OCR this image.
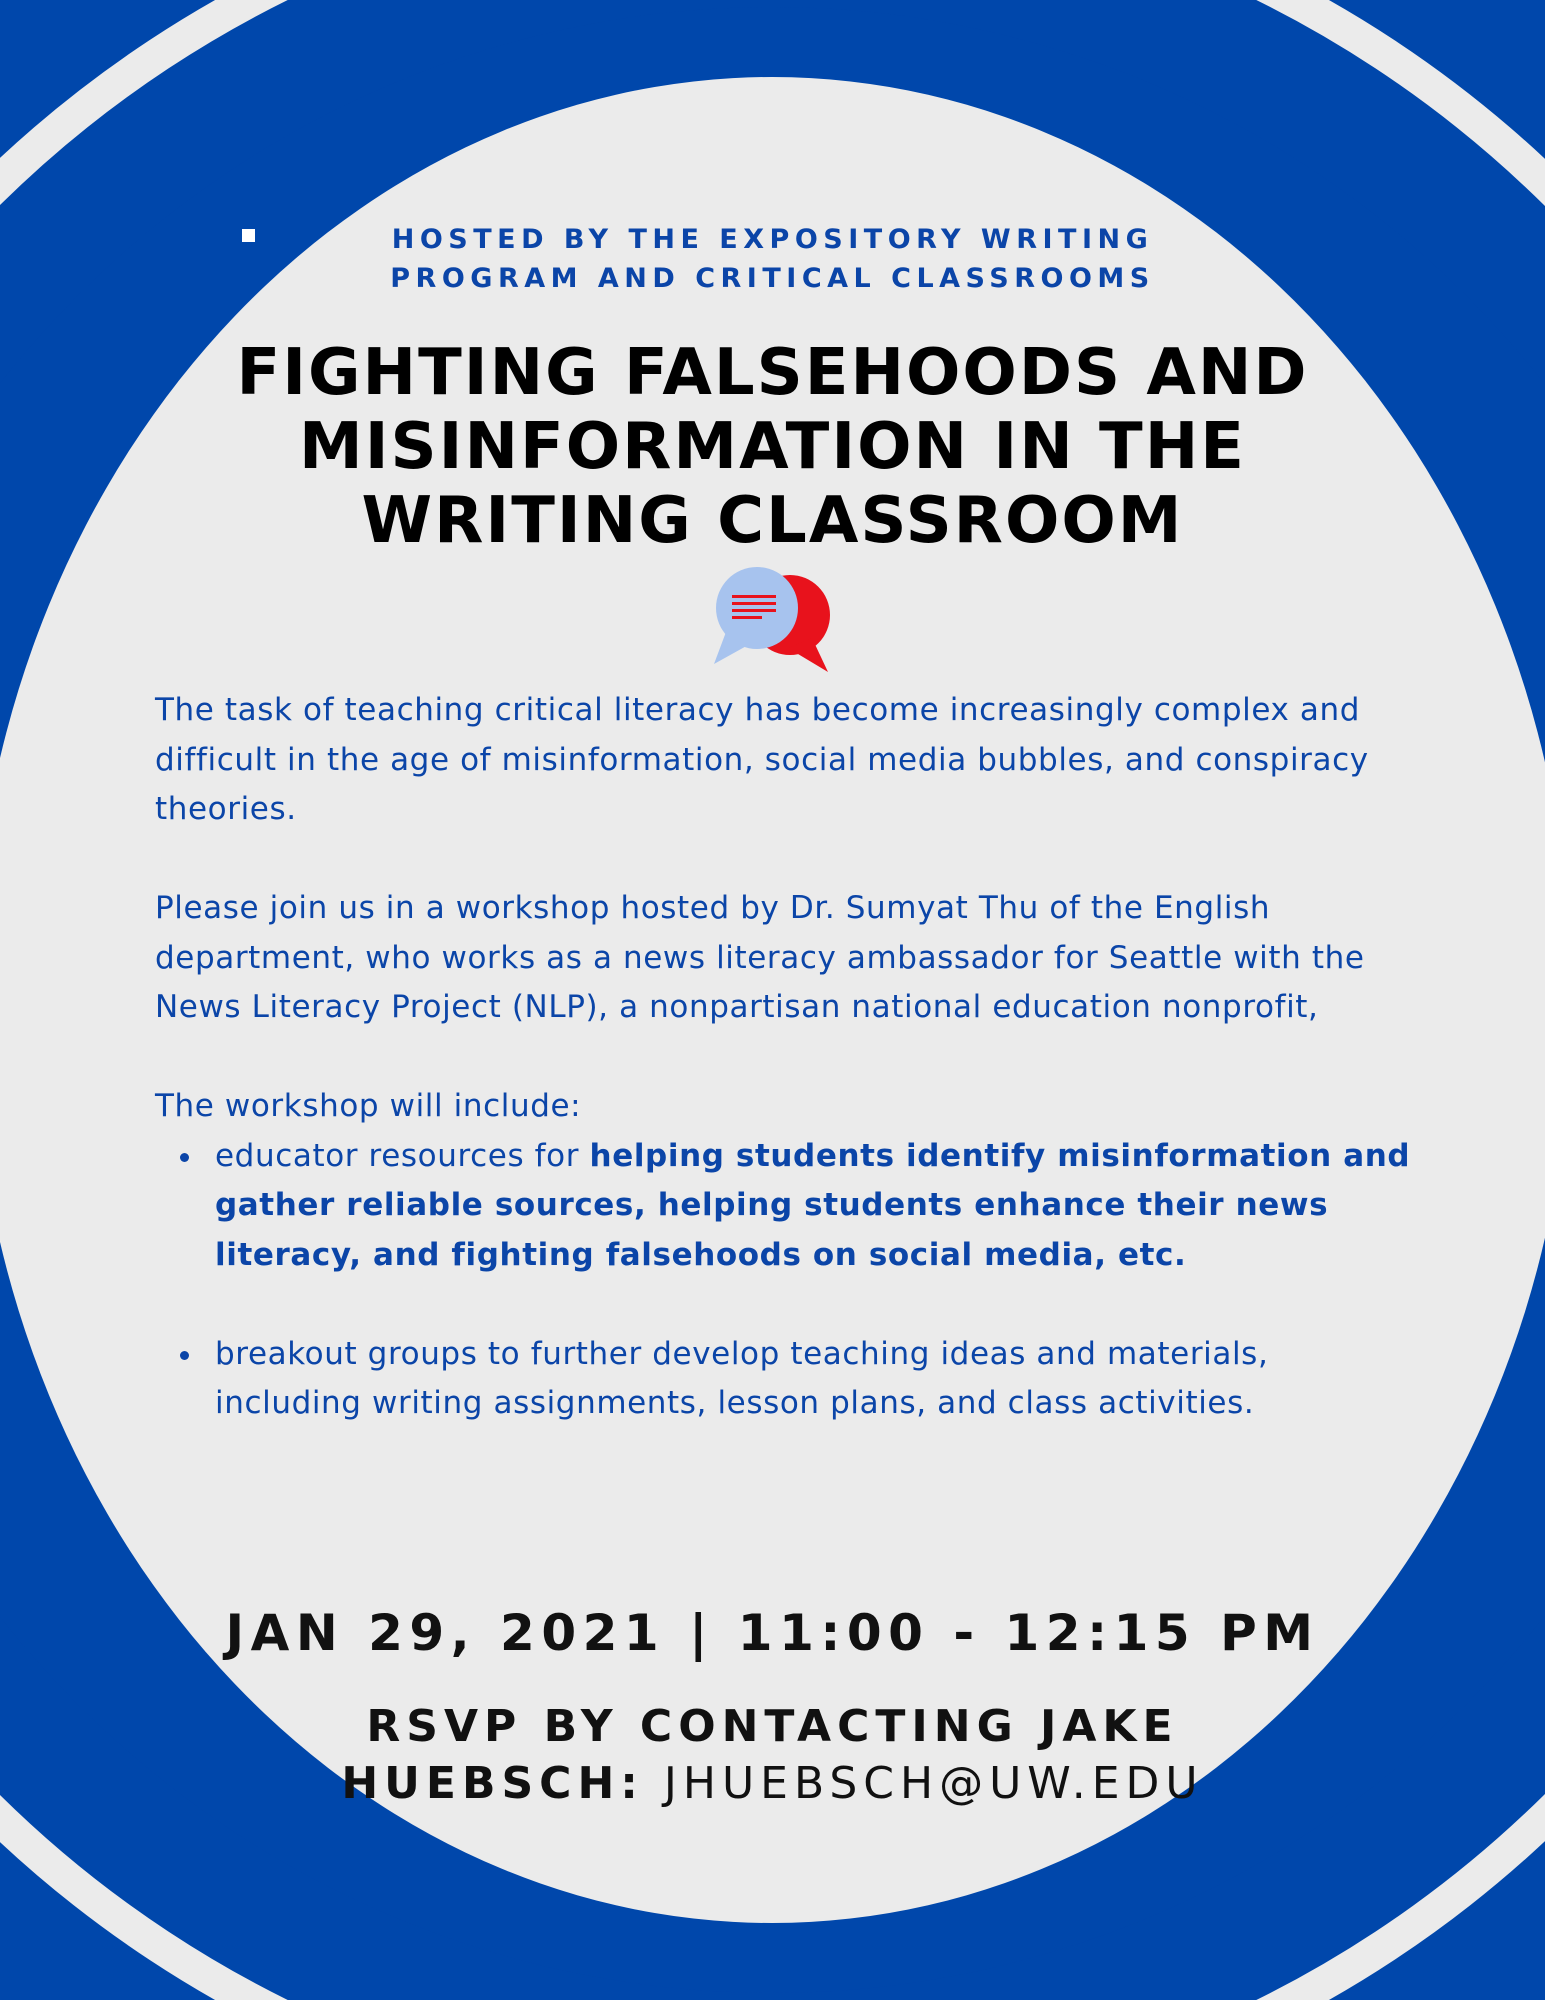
HOSTED BY THE EXPOSITORY WRITING
PROGRAM AND CRITICAL CLASSROOMS
FIGHTING FALSEHOODS AND
MISINFORMATION IN THE
WRITING CLASSROOM

The task of teaching critical literacy has become increasingly complex and difficult in the age of misinformation, social media bubbles, and conspiracy theories.

Please join us in a workshop hosted by Dr. Sumyat Thu of the English department, who works as a news literacy ambassador for Seattle with the News Literacy Project (NLP), a nonpartisan national education nonprofit,

The workshop will include:

educator resources for helping students identify misinformation and gather reliable sources, helping students enhance their news literacy, and fighting falsehoods on social media, etc.
breakout groups to further develop teaching ideas and materials, including writing assignments, lesson plans, and class activities.
JAN 29, 2021 | 11:00 - 12:15 PM
RSVP BY CONTACTING JAKE
HUEBSCH: JHUEBSCH@UW.EDU
